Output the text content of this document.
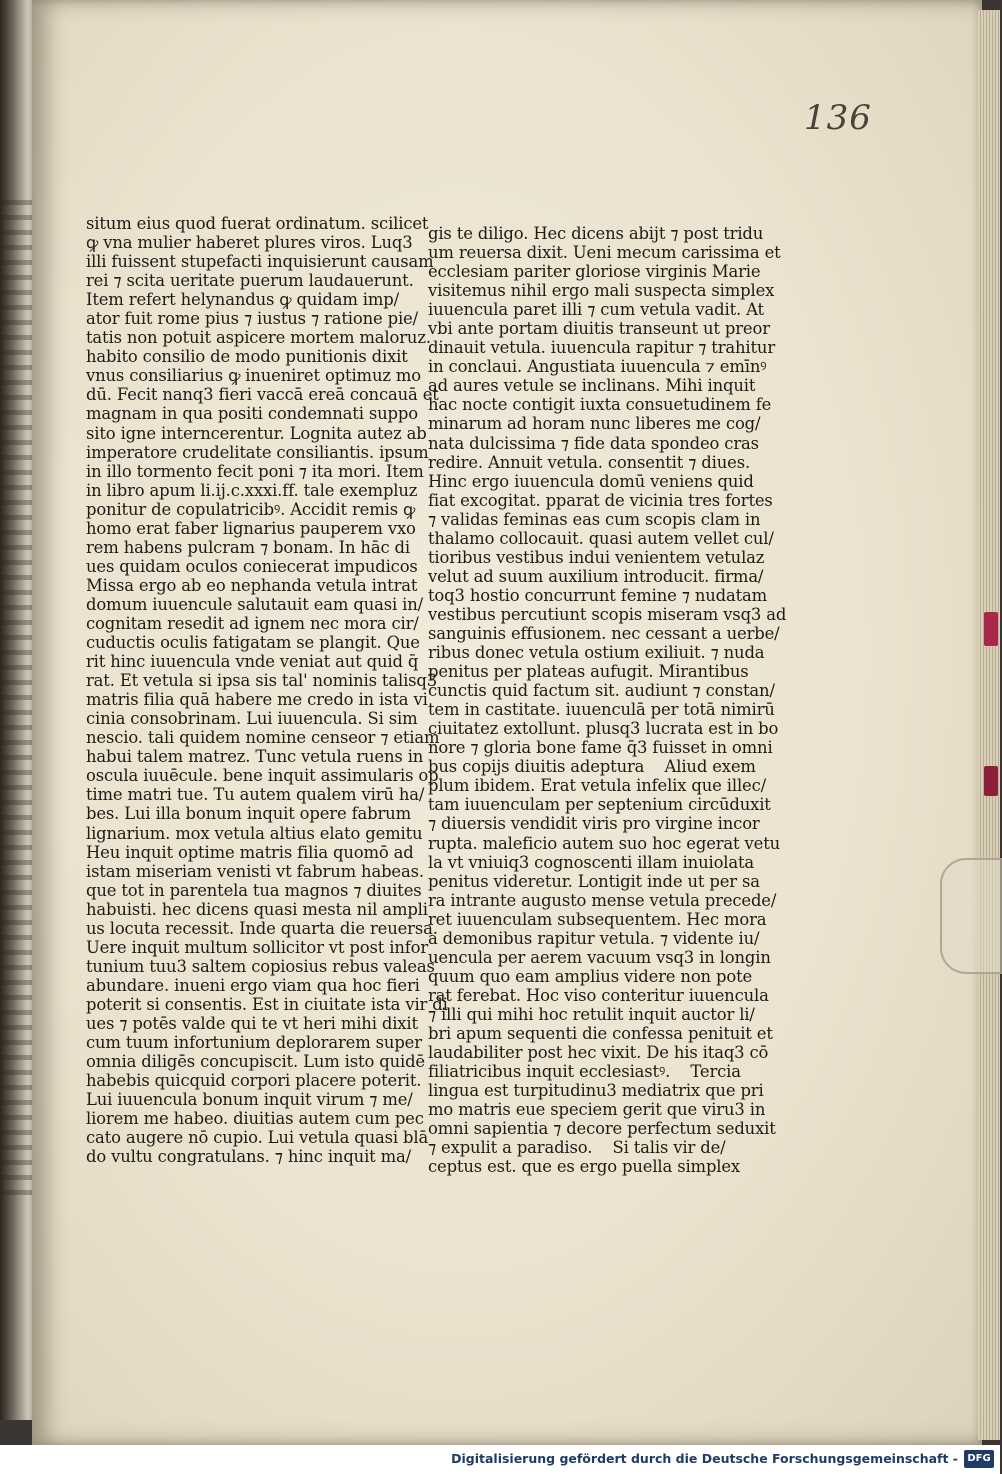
136
situm eius quod fuerat ordinatum. scilicet
ꝙ vna mulier haberet plures viros. Luq3
illi fuissent stupefacti inquisierunt causam
rei ⁊ scita ueritate puerum laudauerunt.
Item refert helynandus ꝙ quidam imp/
ator fuit rome pius ⁊ iustus ⁊ ratione pie/
tatis non potuit aspicere mortem maloruz.
habito consilio de modo punitionis dixit
vnus consiliarius ꝙ inueniret optimuz mo
dū. Fecit nanq3 fieri vaccā ereā concauā et
magnam in qua positi condemnati suppo
sito igne interncerentur. Lognita autez ab
imperatore crudelitate consiliantis. ipsum
in illo tormento fecit poni ⁊ ita mori. Item
in libro apum li.ij.c.xxxi.ff. tale exempluz
ponitur de copulatricibꝰ. Accidit remis ꝙ
homo erat faber lignarius pauperem vxo
rem habens pulcram ⁊ bonam. In hāc di
ues quidam oculos coniecerat impudicos
Missa ergo ab eo nephanda vetula intrat
domum iuuencule salutauit eam quasi in/
cognitam resedit ad ignem nec mora cir/
cuductis oculis fatigatam se plangit. Que
rit hinc iuuencula vnde veniat aut quid q̄
rat. Et vetula si ipsa sis tal' nominis talisq3
matris filia quā habere me credo in ista vi
cinia consobrinam. Lui iuuencula. Si sim
nescio. tali quidem nomine censeor ⁊ etiam
habui talem matrez. Tunc vetula ruens in
oscula iuuēcule. bene inquit assimularis op
time matri tue. Tu autem qualem virū ha/
bes. Lui illa bonum inquit opere fabrum
lignarium. mox vetula altius elato gemitu
Heu inquit optime matris filia quomō ad
istam miseriam venisti vt fabrum habeas.
que tot in parentela tua magnos ⁊ diuites
habuisti. hec dicens quasi mesta nil ampli
us locuta recessit. Inde quarta die reuersa.
Uere inquit multum sollicitor vt post infor
tunium tuu3 saltem copiosius rebus valeas
abundare. inueni ergo viam qua hoc fieri
poterit si consentis. Est in ciuitate ista vir di
ues ⁊ potēs valde qui te vt heri mihi dixit
cum tuum infortunium deplorarem super
omnia diligēs concupiscit. Lum isto quidē
habebis quicquid corpori placere poterit.
Lui iuuencula bonum inquit virum ⁊ me/
liorem me habeo. diuitias autem cum pec
cato augere nō cupio. Lui vetula quasi blā
do vultu congratulans. ⁊ hinc inquit ma/
gis te diligo. Hec dicens abijt ⁊ post tridu
um reuersa dixit. Ueni mecum carissima et
ecclesiam pariter gloriose virginis Marie
visitemus nihil ergo mali suspecta simplex
iuuencula paret illi ⁊ cum vetula vadit. At
vbi ante portam diuitis transeunt ut preor
dinauit vetula. iuuencula rapitur ⁊ trahitur
in conclaui. Angustiata iuuencula ⁊ emīnꝰ
ad aures vetule se inclinans. Mihi inquit
hac nocte contigit iuxta consuetudinem fe
minarum ad horam nunc liberes me cog/
nata dulcissima ⁊ fide data spondeo cras
redire. Annuit vetula. consentit ⁊ diues.
Hinc ergo iuuencula domū veniens quid
fiat excogitat. pparat de vicinia tres fortes
⁊ validas feminas eas cum scopis clam in
thalamo collocauit. quasi autem vellet cul/
tioribus vestibus indui venientem vetulaz
velut ad suum auxilium introducit. firma/
toq3 hostio concurrunt femine ⁊ nudatam
vestibus percutiunt scopis miseram vsq3 ad
sanguinis effusionem. nec cessant a uerbe/
ribus donec vetula ostium exiliuit. ⁊ nuda
penitus per plateas aufugit. Mirantibus
cunctis quid factum sit. audiunt ⁊ constan/
tem in castitate. iuuenculā per totā nimirū
ciuitatez extollunt. plusq3 lucrata est in bo
nore ⁊ gloria bone fame q̄3 fuisset in omni
bus copijs diuitis adeptura    Aliud exem
plum ibidem. Erat vetula infelix que illec/
tam iuuenculam per septenium circūduxit
⁊ diuersis vendidit viris pro virgine incor
rupta. maleficio autem suo hoc egerat vetu
la vt vniuiq3 cognoscenti illam inuiolata
penitus videretur. Lontigit inde ut per sa
ra intrante augusto mense vetula precede/
ret iuuenculam subsequentem. Hec mora
a demonibus rapitur vetula. ⁊ vidente iu/
uencula per aerem vacuum vsq3 in longin
quum quo eam amplius videre non pote
rat ferebat. Hoc viso conteritur iuuencula
⁊ illi qui mihi hoc retulit inquit auctor li/
bri apum sequenti die confessa penituit et
laudabiliter post hec vixit. De his itaq3 cō
filiatricibus inquit ecclesiastꝰ.    Tercia
lingua est turpitudinu3 mediatrix que pri
mo matris eue speciem gerit que viru3 in
omni sapientia ⁊ decore perfectum seduxit
⁊ expulit a paradiso.    Si talis vir de/
ceptus est. que es ergo puella simplex
Digitalisierung gefördert durch die Deutsche Forschungsgemeinschaft - DFG
